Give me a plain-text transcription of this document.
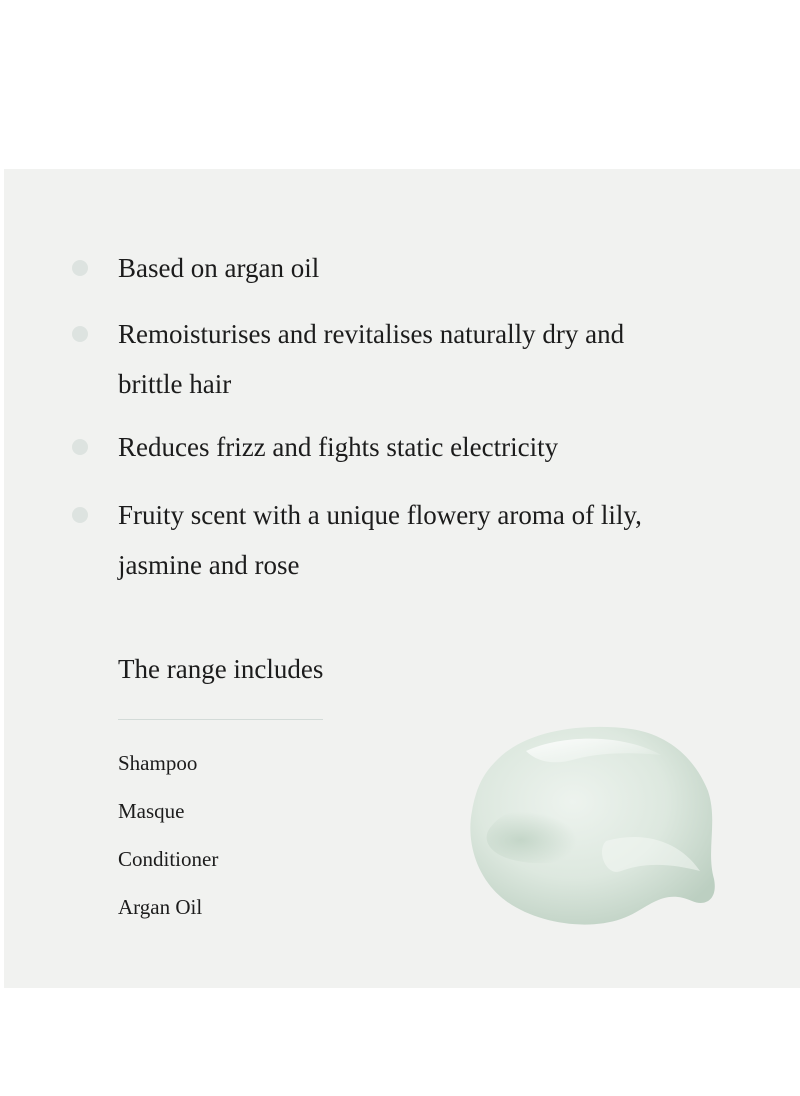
Based on argan oil
Remoisturises and revitalises naturally dry and brittle hair
Reduces frizz and fights static electricity
Fruity scent with a unique flowery aroma of lily, jasmine and rose
The range includes
Shampoo
Masque
Conditioner
Argan Oil
